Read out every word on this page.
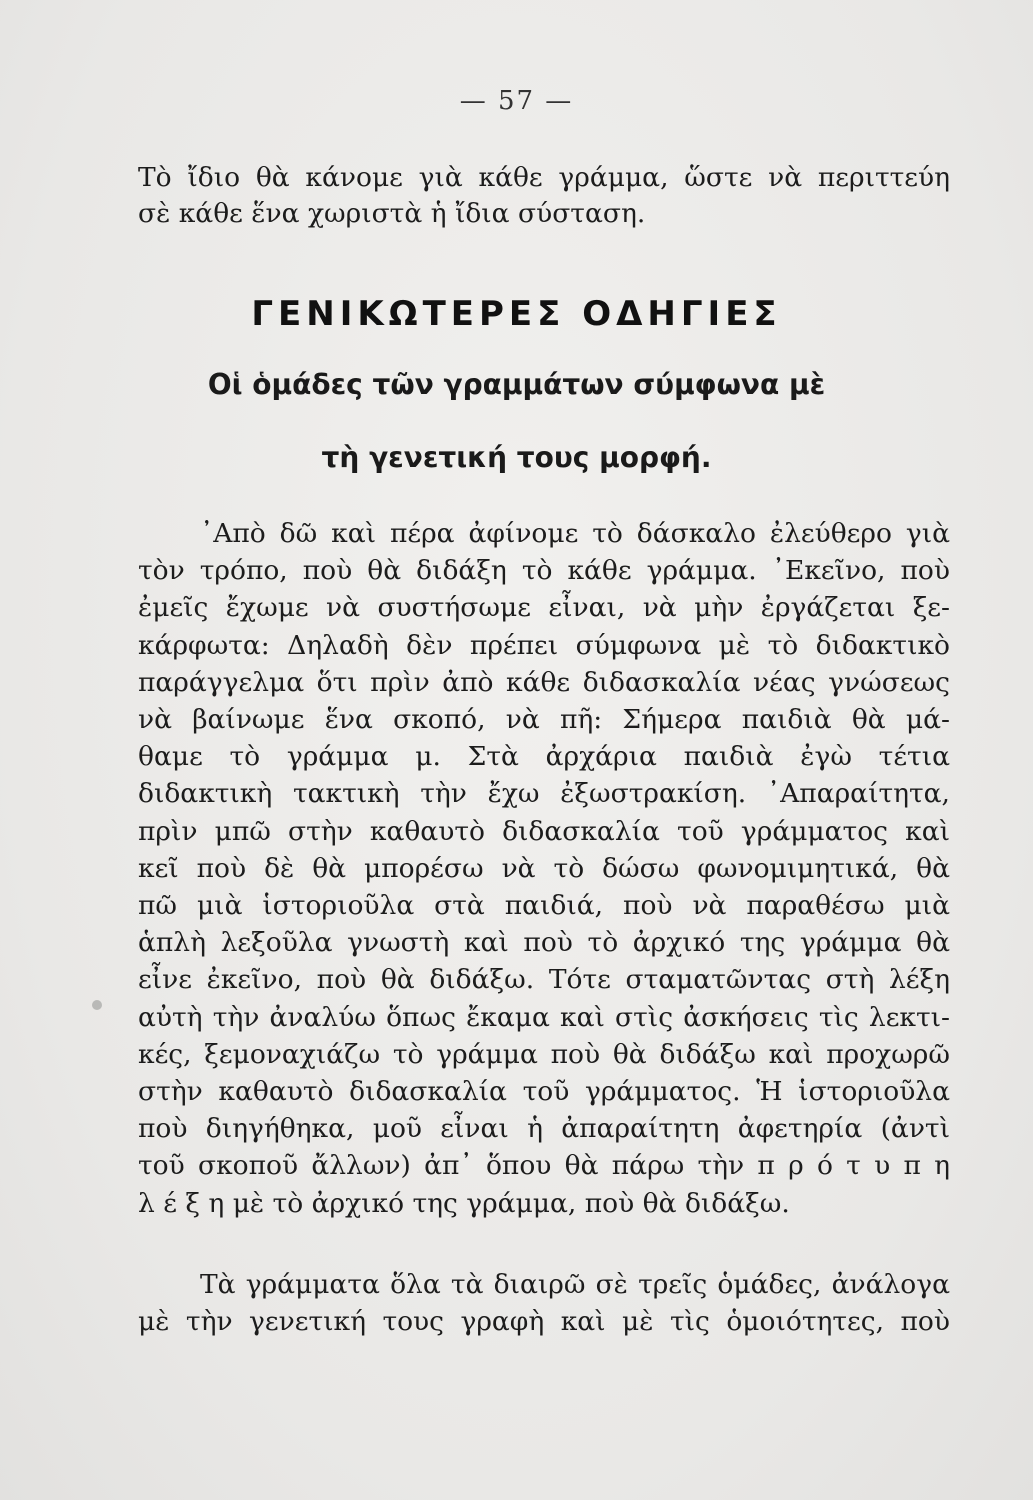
— 57 —
Τὸ ἴδιο θὰ κάνομε γιὰ κάθε γράμμα, ὥστε νὰ περιττεύη
σὲ κάθε ἕνα χωριστὰ ἡ ἴδια σύσταση.
ΓΕΝΙΚΩΤΕΡΕΣ ΟΔΗΓΙΕΣ
Οἱ ὁμάδες τῶν γραμμάτων σύμφωνα μὲ
τὴ γενετική τους μορφή.
᾿Απὸ δῶ καὶ πέρα ἀφίνομε τὸ δάσκαλο ἐλεύθερο γιὰ
τὸν τρόπο, ποὺ θὰ διδάξη τὸ κάθε γράμμα. ᾿Εκεῖνο, ποὺ
ἐμεῖς ἔχωμε νὰ συστήσωμε εἶναι, νὰ μὴν ἐργάζεται ξε-
κάρφωτα: Δηλαδὴ δὲν πρέπει σύμφωνα μὲ τὸ διδακτικὸ
παράγγελμα ὅτι πρὶν ἀπὸ κάθε διδασκαλία νέας γνώσεως
νὰ βαίνωμε ἕνα σκοπό, νὰ πῆ: Σήμερα παιδιὰ θὰ μά-
θαμε τὸ γράμμα μ. Στὰ ἀρχάρια παιδιὰ ἐγὼ τέτια
διδακτικὴ τακτικὴ τὴν ἔχω ἐξωστρακίση. ᾿Απαραίτητα,
πρὶν μπῶ στὴν καθαυτὸ διδασκαλία τοῦ γράμματος καὶ
κεῖ ποὺ δὲ θὰ μπορέσω νὰ τὸ δώσω φωνομιμητικά, θὰ
πῶ μιὰ ἱστοριοῦλα στὰ παιδιά, ποὺ νὰ παραθέσω μιὰ
ἁπλὴ λεξοῦλα γνωστὴ καὶ ποὺ τὸ ἀρχικό της γράμμα θὰ
εἶνε ἐκεῖνο, ποὺ θὰ διδάξω. Τότε σταματῶντας στὴ λέξη
αὐτὴ τὴν ἀναλύω ὅπως ἔκαμα καὶ στὶς ἀσκήσεις τὶς λεκτι-
κές, ξεμοναχιάζω τὸ γράμμα ποὺ θὰ διδάξω καὶ προχωρῶ
στὴν καθαυτὸ διδασκαλία τοῦ γράμματος. Ἡ ἱστοριοῦλα
ποὺ διηγήθηκα, μοῦ εἶναι ἡ ἀπαραίτητη ἀφετηρία (ἀντὶ
τοῦ σκοποῦ ἄλλων) ἀπ᾿ ὅπου θὰ πάρω τὴν π ρ ό τ υ π η
λ έ ξ η μὲ τὸ ἀρχικό της γράμμα, ποὺ θὰ διδάξω.
Τὰ γράμματα ὅλα τὰ διαιρῶ σὲ τρεῖς ὁμάδες, ἀνάλογα
μὲ τὴν γενετική τους γραφὴ καὶ μὲ τὶς ὁμοιότητες, ποὺ
